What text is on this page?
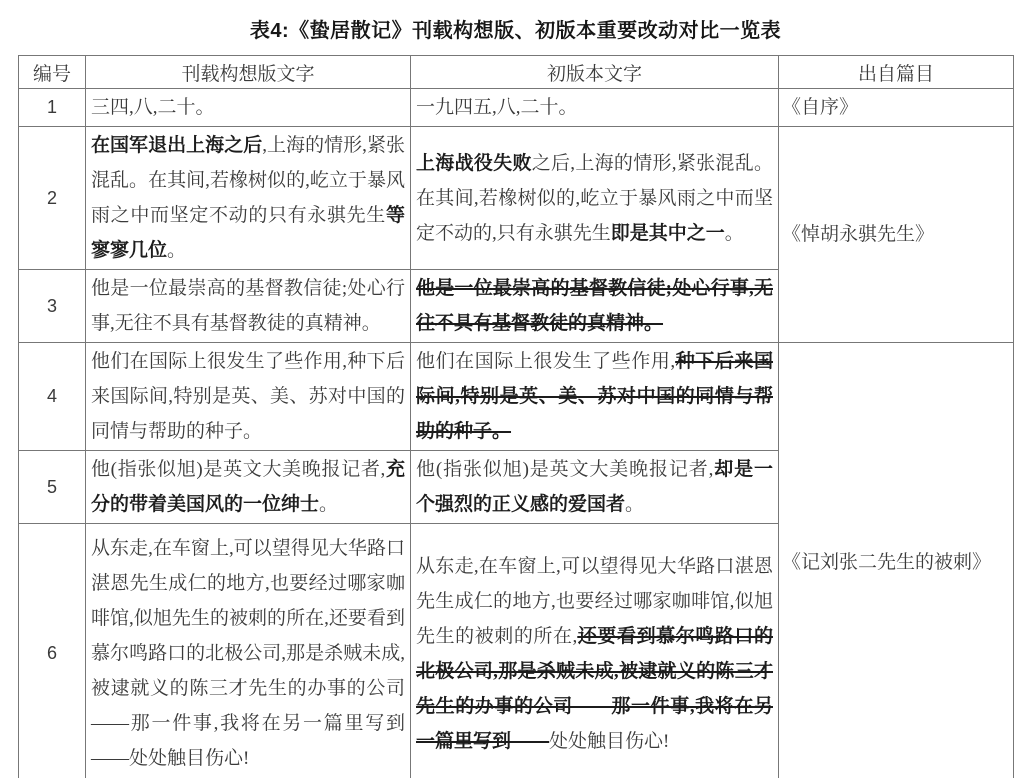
表4:《蛰居散记》刊载构想版、初版本重要改动对比一览表
编号	刊载构想版文字	初版本文字	出自篇目
1	三四,八,二十。	一九四五,八,二十。	《自序》
2	在国军退出上海之后,上海的情形,紧张混乱。在其间,若橡树似的,屹立于暴风雨之中而坚定不动的只有永骐先生等寥寥几位。	上海战役失败之后,上海的情形,紧张混乱。在其间,若橡树似的,屹立于暴风雨之中而坚定不动的,只有永骐先生即是其中之一。	《悼胡永骐先生》
3	他是一位最崇高的基督教信徒;处心行事,无往不具有基督教徒的真精神。	他是一位最崇高的基督教信徒;处心行事,无往不具有基督教徒的真精神。	
4	他们在国际上很发生了些作用,种下后来国际间,特别是英、美、苏对中国的同情与帮助的种子。	他们在国际上很发生了些作用,种下后来国际间,特别是英、美、苏对中国的同情与帮助的种子。	《记刘张二先生的被刺》
5	他(指张似旭)是英文大美晚报记者,充分的带着美国风的一位绅士。	他(指张似旭)是英文大美晚报记者,却是一个强烈的正义感的爱国者。	
6	从东走,在车窗上,可以望得见大华路口湛恩先生成仁的地方,也要经过哪家咖啡馆,似旭先生的被刺的所在,还要看到慕尔鸣路口的北极公司,那是杀贼未成,被逮就义的陈三才先生的办事的公司——那一件事,我将在另一篇里写到——处处触目伤心!	从东走,在车窗上,可以望得见大华路口湛恩先生成仁的地方,也要经过哪家咖啡馆,似旭先生的被刺的所在,还要看到慕尔鸣路口的北极公司,那是杀贼未成,被逮就义的陈三才先生的办事的公司——那一件事,我将在另一篇里写到——处处触目伤心!	
